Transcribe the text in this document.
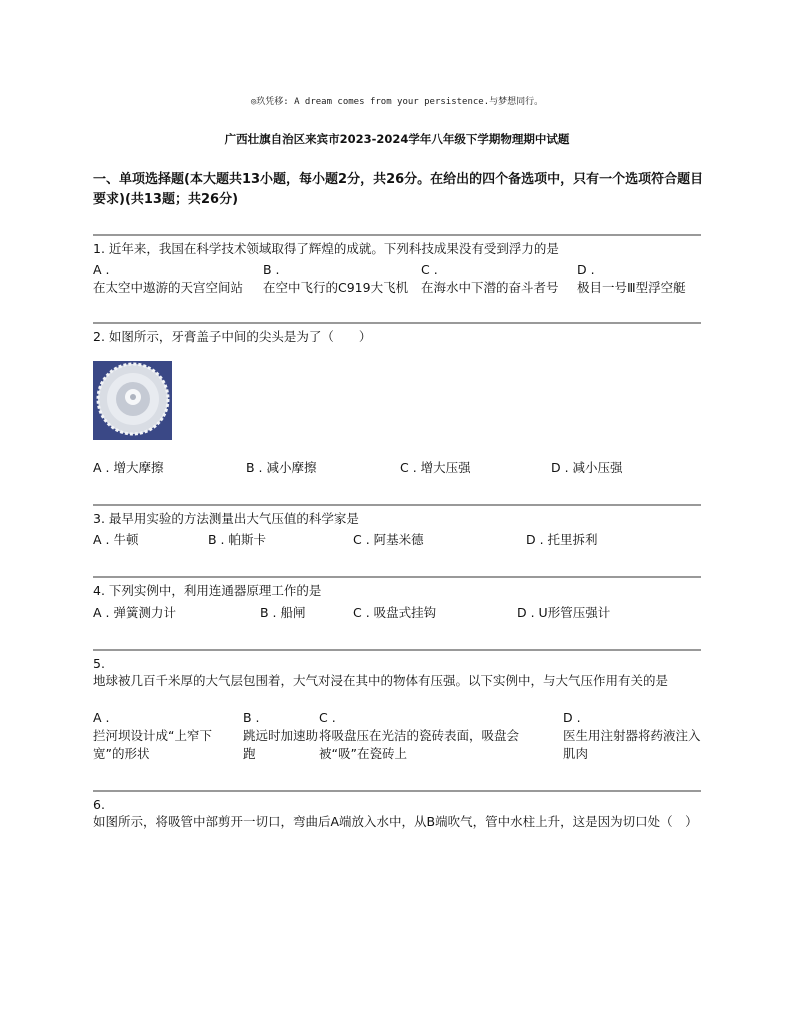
◎玖凭移: A dream comes from your persistence.与梦想同行。
广西壮旗自治区来宾市2023-2024学年八年级下学期物理期中试题
一、单项选择题(本大题共13小题，每小题2分，共26分。在给出的四个备选项中，只有一个选项符合题目要求)(共13题；共26分)
1. 近年来，我国在科学技术领域取得了辉煌的成就。下列科技成果没有受到浮力的是
A .
在太空中遨游的天宫空间站
B .
在空中飞行的C919大飞机
C .
在海水中下潜的奋斗者号
D .
极目一号Ⅲ型浮空艇
2. 如图所示，牙膏盖子中间的尖头是为了（　　）
A . 增大摩擦	B . 减小摩擦	C . 增大压强	D . 减小压强
3. 最早用实验的方法测量出大气压值的科学家是
A . 牛顿	B . 帕斯卡	C . 阿基米德	D . 托里拆利
4. 下列实例中，利用连通器原理工作的是
A . 弹簧测力计	B . 船闸	C . 吸盘式挂钩	D . U形管压强计
5.
地球被几百千米厚的大气层包围着，大气对浸在其中的物体有压强。以下实例中，与大气压作用有关的是
A .
拦河坝设计成“上窄下宽”的形状
B .
跳远时加速助跑
C .
将吸盘压在光洁的瓷砖表面，吸盘会被“吸”在瓷砖上
D .
医生用注射器将药液注入肌肉
6.
如图所示，将吸管中部剪开一切口，弯曲后A端放入水中，从B端吹气，管中水柱上升，这是因为切口处（　）
